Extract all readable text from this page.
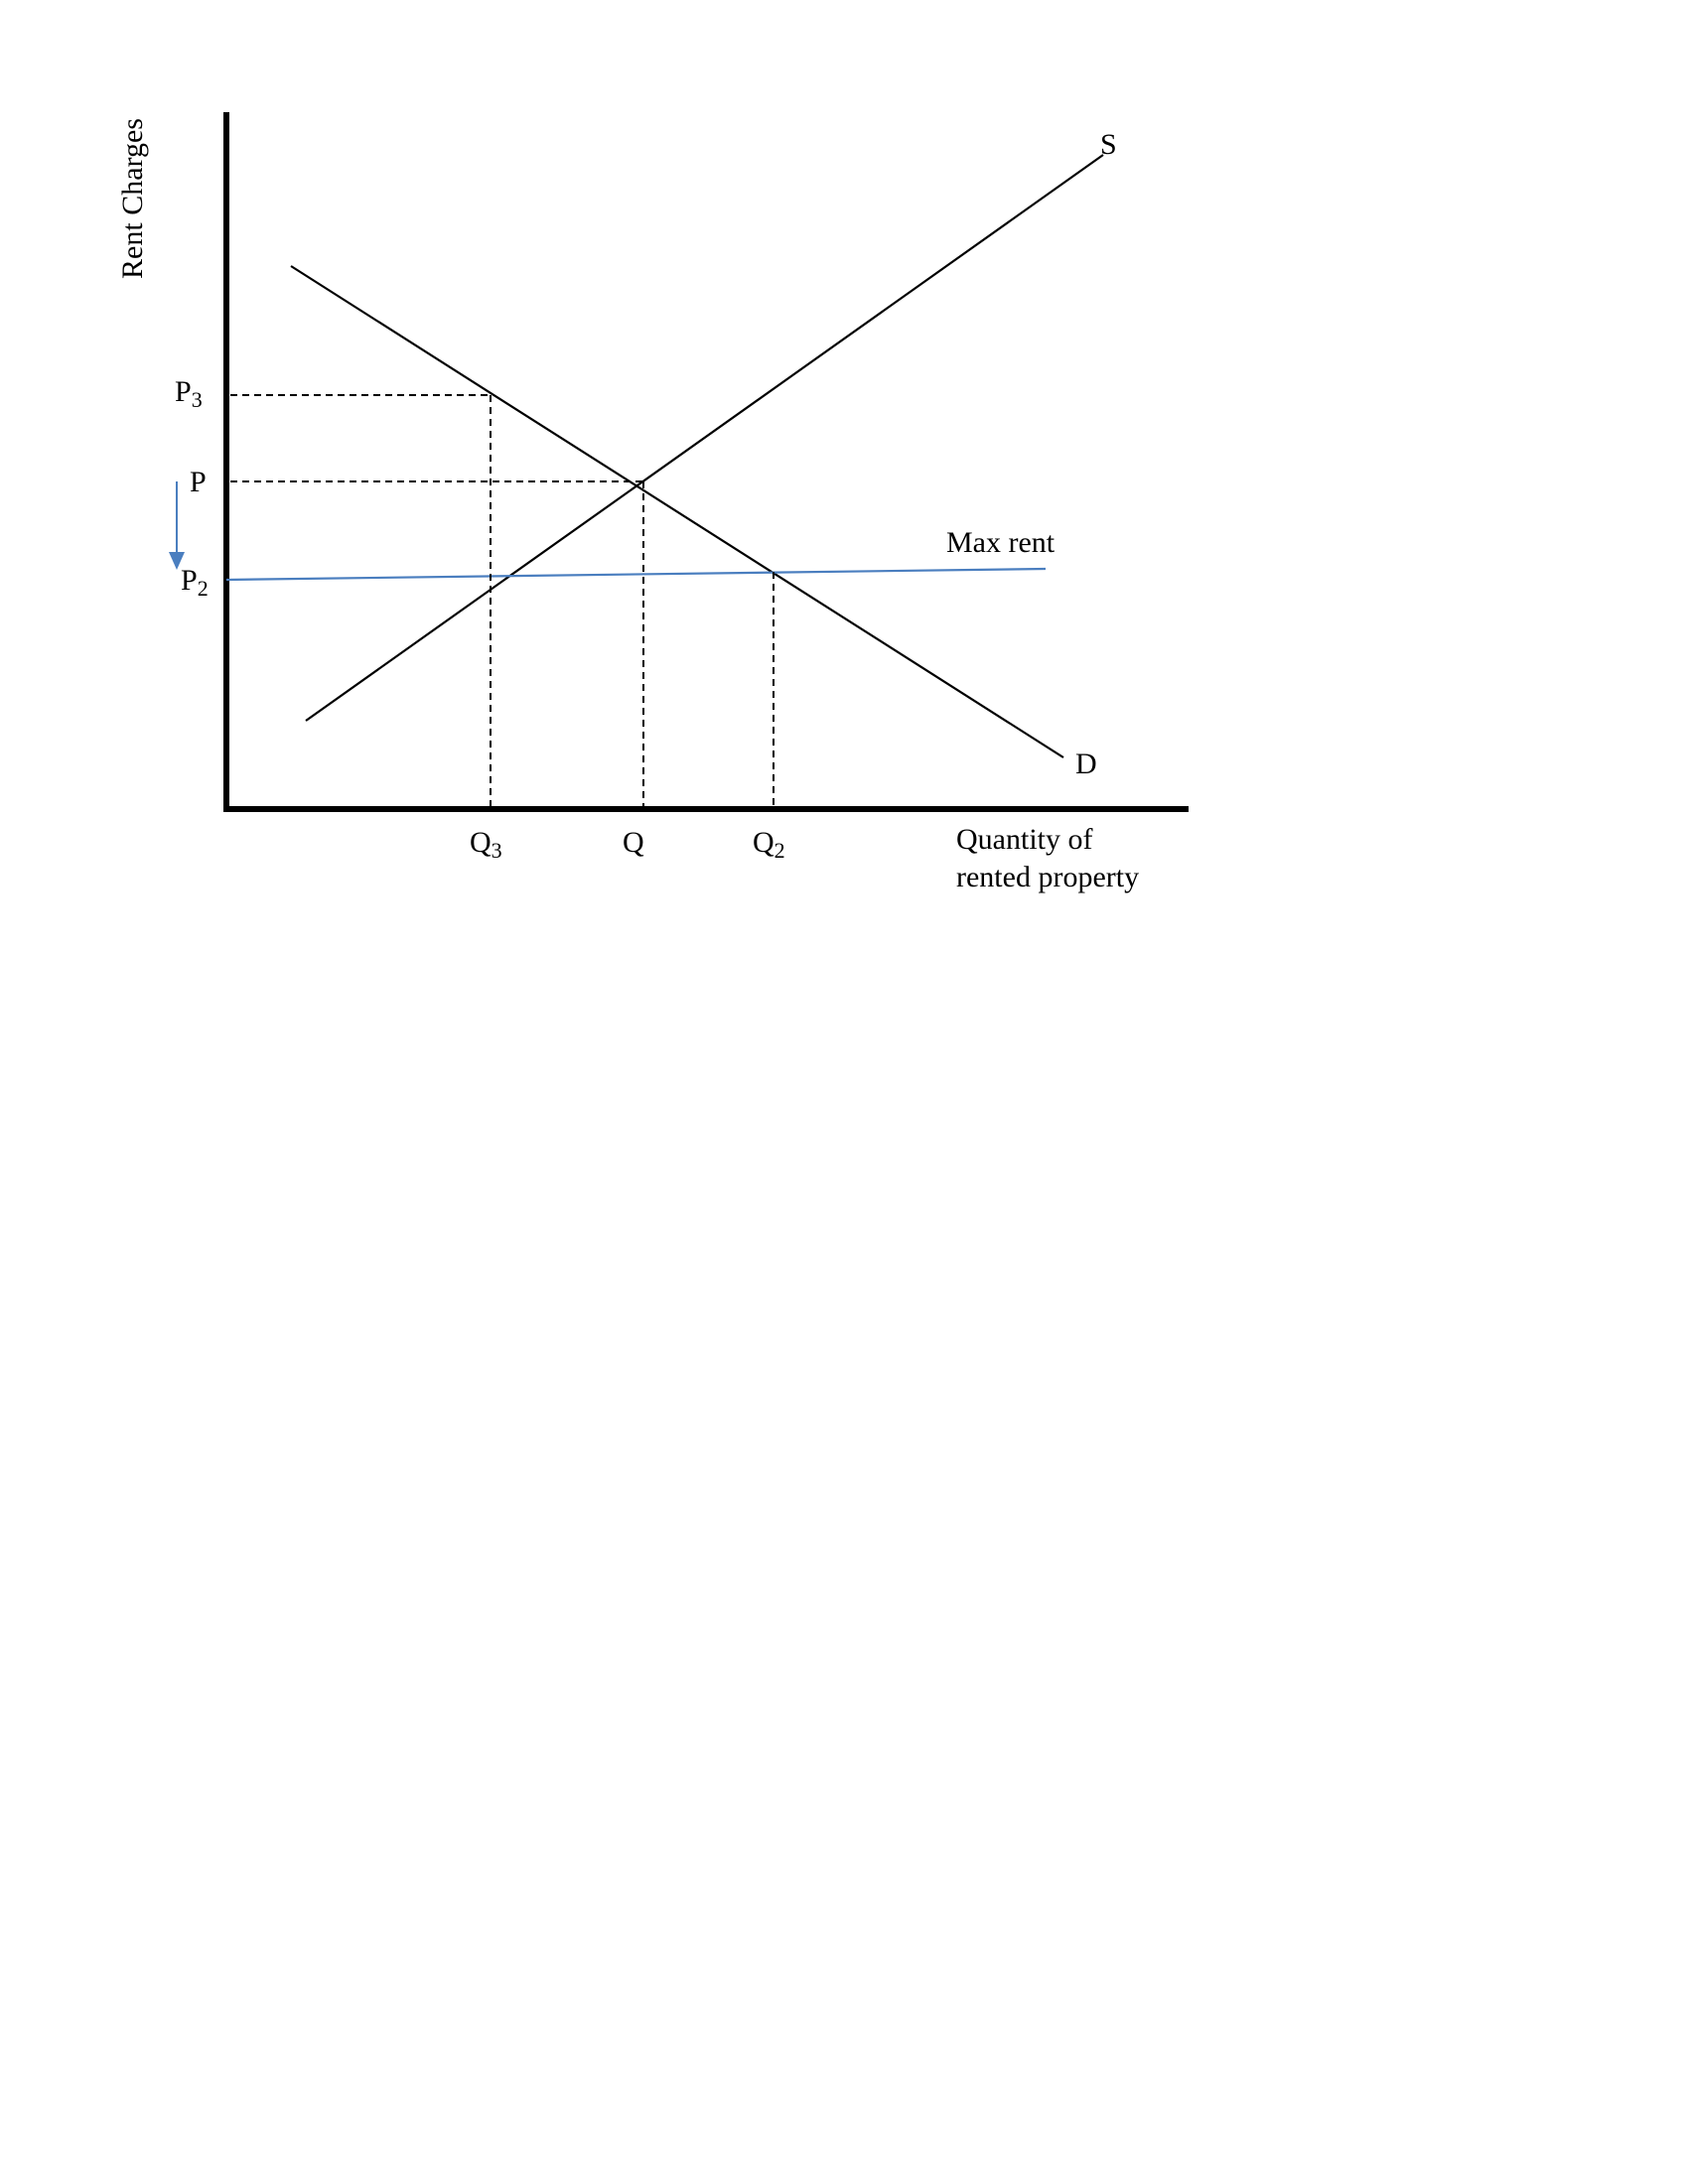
Rent Charges	S
D
Max rent
$P_3$
P
$P_2$
$Q_3$	Q	$Q_2$	Quantity of
rented property
